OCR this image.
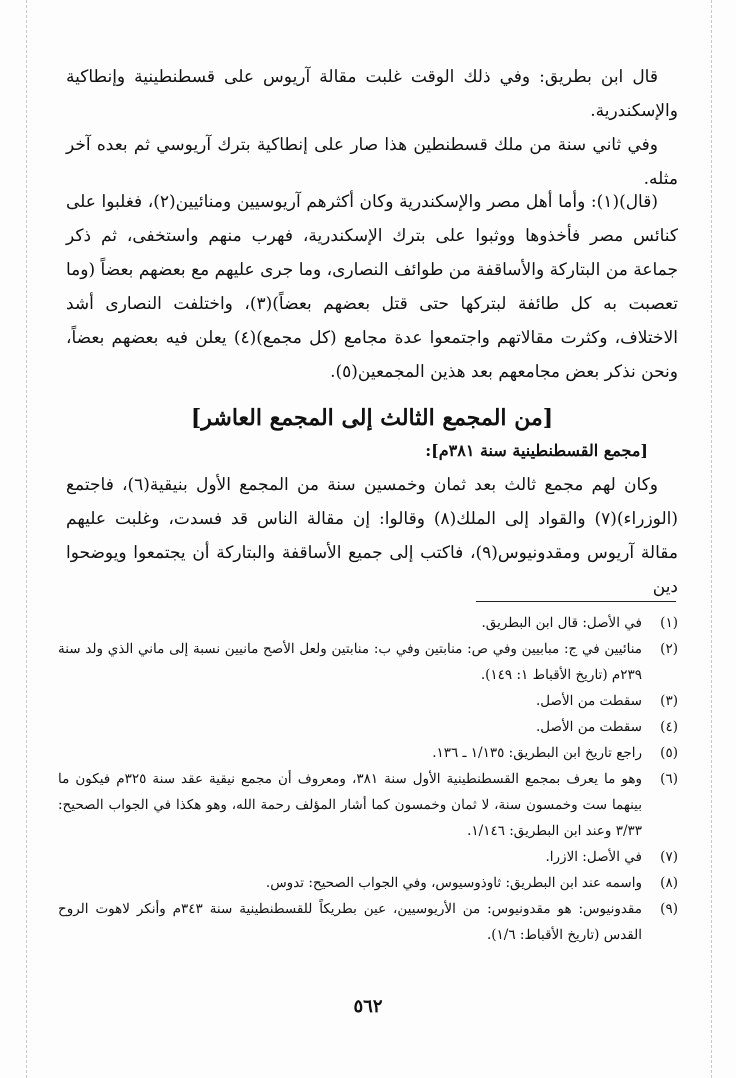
قال ابن بطريق: وفي ذلك الوقت غلبت مقالة آريوس على قسطنطينية وإنطاكية والإسكندرية.

وفي ثاني سنة من ملك قسطنطين هذا صار على إنطاكية بترك آريوسي ثم بعده آخر مثله.

(قال)(١): وأما أهل مصر والإسكندرية وكان أكثرهم آريوسيين ومنائيين(٢)، فغلبوا على كنائس مصر فأخذوها ووثبوا على بترك الإسكندرية، فهرب منهم واستخفى، ثم ذكر جماعة من البتاركة والأساقفة من طوائف النصارى، وما جرى عليهم مع بعضهم بعضاً (وما تعصبت به كل طائفة لبتركها حتى قتل بعضهم بعضاً)(٣)، واختلفت النصارى أشد الاختلاف، وكثرت مقالاتهم واجتمعوا عدة مجامع (كل مجمع)(٤) يعلن فيه بعضهم بعضاً، ونحن نذكر بعض مجامعهم بعد هذين المجمعين(٥).

[من المجمع الثالث إلى المجمع العاشر]
[مجمع القسطنطينية سنة ٣٨١م]:

وكان لهم مجمع ثالث بعد ثمان وخمسين سنة من المجمع الأول بنيقية(٦)، فاجتمع (الوزراء)(٧) والقواد إلى الملك(٨) وقالوا: إن مقالة الناس قد فسدت، وغلبت عليهم مقالة آريوس ومقدونيوس(٩)، فاكتب إلى جميع الأساقفة والبتاركة أن يجتمعوا ويوضحوا دين

(١)
في الأصل: قال ابن البطريق.
(٢)
منائيين في ج: مبابيين وفي ص: منابتين وفي ب: منابتين ولعل الأصح مانيين نسبة إلى ماني الذي ولد سنة ٢٣٩م (تاريخ الأقباط ١: ١٤٩).
(٣)
سقطت من الأصل.
(٤)
سقطت من الأصل.
(٥)
راجع تاريخ ابن البطريق: ١/١٣٥ ـ ١٣٦.
(٦)
وهو ما يعرف بمجمع القسطنطينية الأول سنة ٣٨١، ومعروف أن مجمع نيقية عقد سنة ٣٢٥م فيكون ما بينهما ست وخمسون سنة، لا ثمان وخمسون كما أشار المؤلف رحمة الله، وهو هكذا في الجواب الصحيح: ٣/٣٣ وعند ابن البطريق: ١/١٤٦.
(٧)
في الأصل: الازرا.
(٨)
واسمه عند ابن البطريق: ثاوذوسيوس، وفي الجواب الصحيح: تدوس.
(٩)
مقدونيوس: هو مقدونيوس: من الأريوسيين، عين بطريكاً للقسطنطينية سنة ٣٤٣م وأنكر لاهوت الروح القدس (تاريخ الأقباط: ١/٦).
٥٦٢
